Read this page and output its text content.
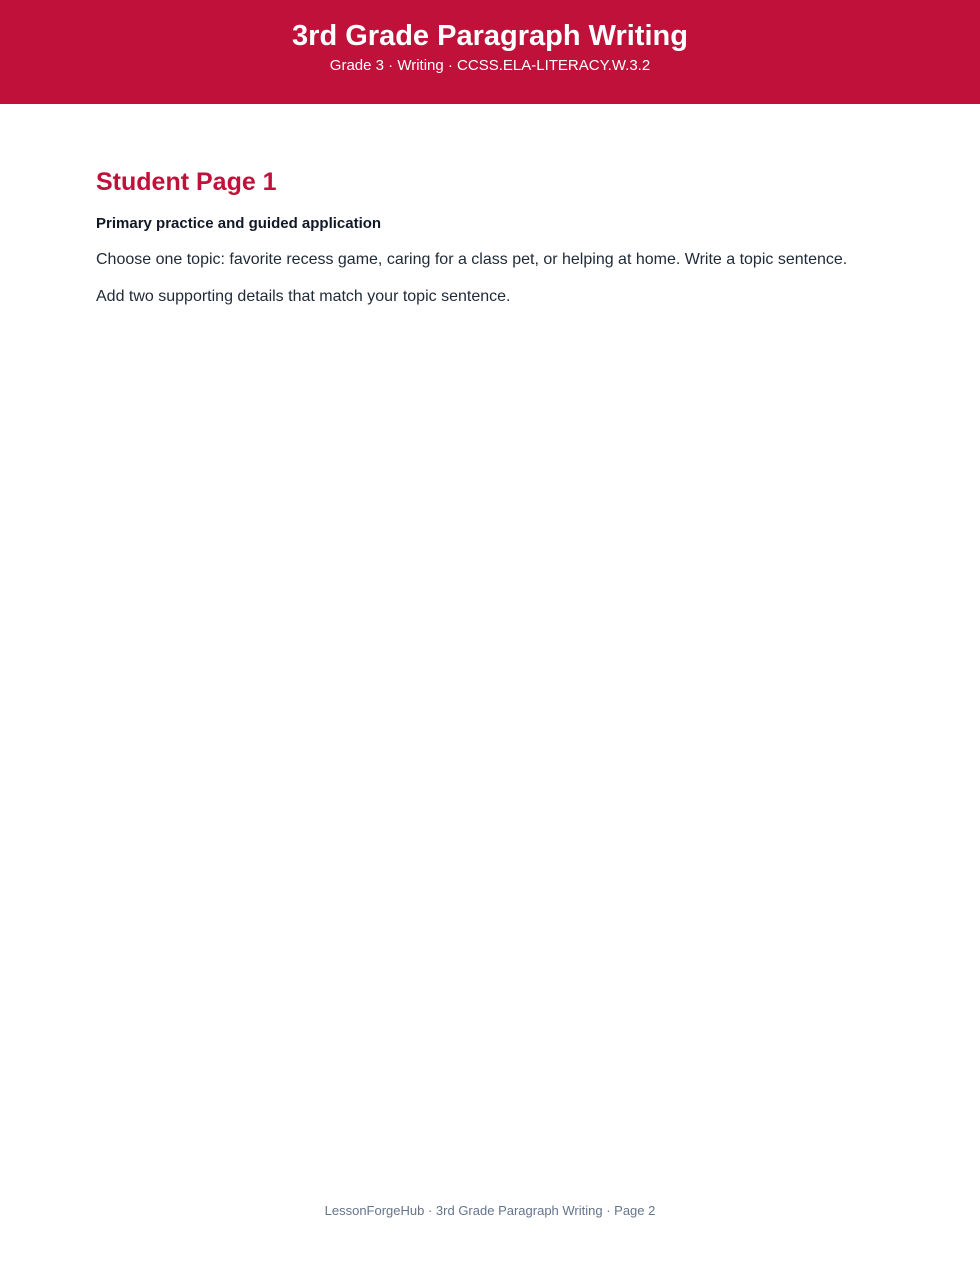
3rd Grade Paragraph Writing

Grade 3 · Writing · CCSS.ELA-LITERACY.W.3.2

Student Page 1

Primary practice and guided application

Choose one topic: favorite recess game, caring for a class pet, or helping at home. Write a topic sentence.

Add two supporting details that match your topic sentence.

LessonForgeHub · 3rd Grade Paragraph Writing · Page 2
